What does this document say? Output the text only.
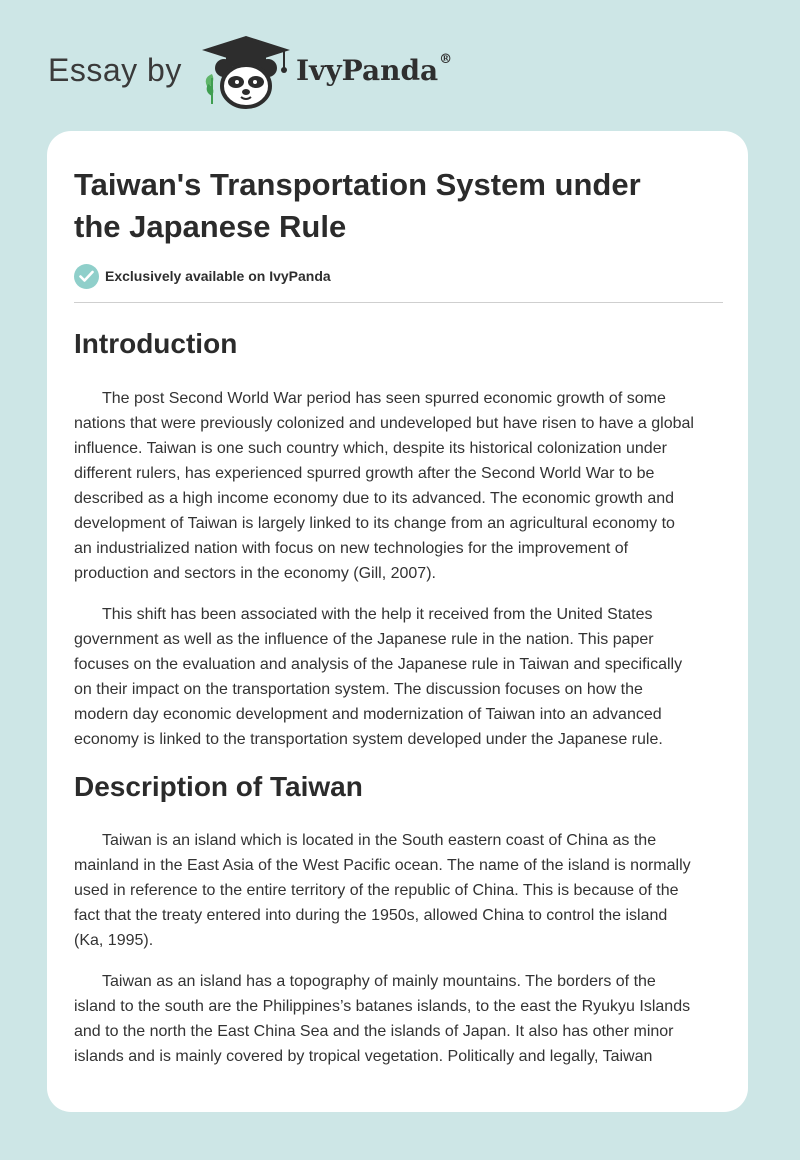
Essay by	IvyPanda®
Taiwan's Transportation System under
the Japanese Rule
Exclusively available on IvyPanda
Introduction

The post Second World War period has seen spurred economic growth of some
nations that were previously colonized and undeveloped but have risen to have a global
influence. Taiwan is one such country which, despite its historical colonization under
different rulers, has experienced spurred growth after the Second World War to be
described as a high income economy due to its advanced. The economic growth and
development of Taiwan is largely linked to its change from an agricultural economy to
an industrialized nation with focus on new technologies for the improvement of
production and sectors in the economy (Gill, 2007).

This shift has been associated with the help it received from the United States
government as well as the influence of the Japanese rule in the nation. This paper
focuses on the evaluation and analysis of the Japanese rule in Taiwan and specifically
on their impact on the transportation system. The discussion focuses on how the
modern day economic development and modernization of Taiwan into an advanced
economy is linked to the transportation system developed under the Japanese rule.

Description of Taiwan

Taiwan is an island which is located in the South eastern coast of China as the
mainland in the East Asia of the West Pacific ocean. The name of the island is normally
used in reference to the entire territory of the republic of China. This is because of the
fact that the treaty entered into during the 1950s, allowed China to control the island
(Ka, 1995).

Taiwan as an island has a topography of mainly mountains. The borders of the
island to the south are the Philippines’s batanes islands, to the east the Ryukyu Islands
and to the north the East China Sea and the islands of Japan. It also has other minor
islands and is mainly covered by tropical vegetation. Politically and legally, Taiwan
